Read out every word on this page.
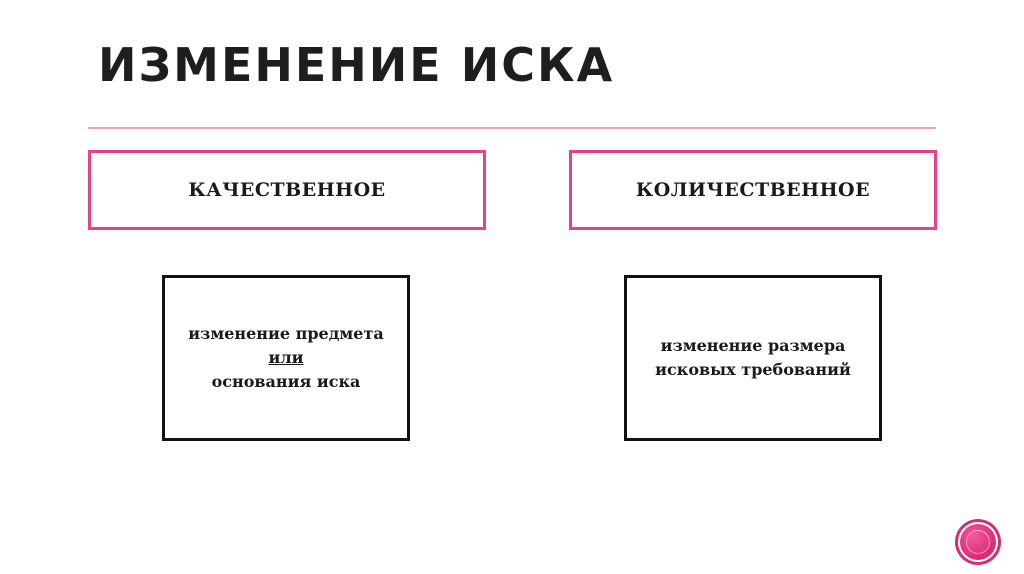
ИЗМЕНЕНИЕ ИСКА
КАЧЕСТВЕННОЕ	КОЛИЧЕСТВЕННОЕ
изменение предмета
или
основания иска
изменение размера
исковых требований
